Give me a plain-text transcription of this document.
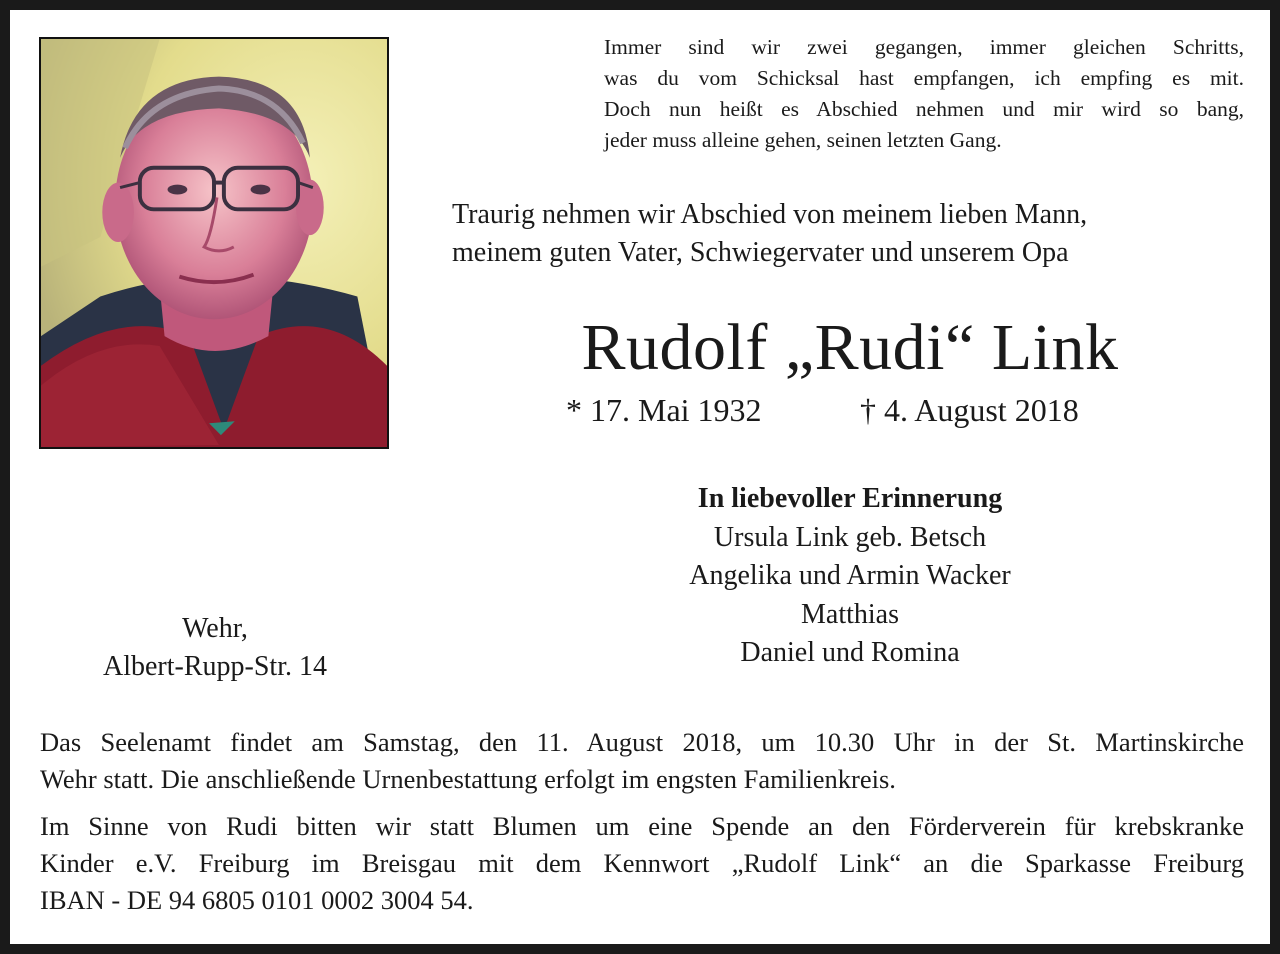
Immer sind wir zwei gegangen, immer gleichen Schritts,
was du vom Schicksal hast empfangen, ich empfing es mit.
Doch nun heißt es Abschied nehmen und mir wird so bang,
jeder muss alleine gehen, seinen letzten Gang.
Traurig nehmen wir Abschied von meinem lieben Mann,
meinem guten Vater, Schwiegervater und unserem Opa
Rudolf „Rudi“ Link
* 17. Mai 1932	† 4. August 2018
In liebevoller Erinnerung
Ursula Link geb. Betsch
Angelika und Armin Wacker
Matthias
Daniel und Romina
Wehr,
Albert-Rupp-Str. 14
Das Seelenamt findet am Samstag, den 11. August 2018, um 10.30 Uhr in der St. Martinskirche
Wehr statt. Die anschließende Urnenbestattung erfolgt im engsten Familienkreis.
Im Sinne von Rudi bitten wir statt Blumen um eine Spende an den Förderverein für krebskranke
Kinder e.V. Freiburg im Breisgau mit dem Kennwort „Rudolf Link“ an die Sparkasse Freiburg
IBAN - DE 94 6805 0101 0002 3004 54.
